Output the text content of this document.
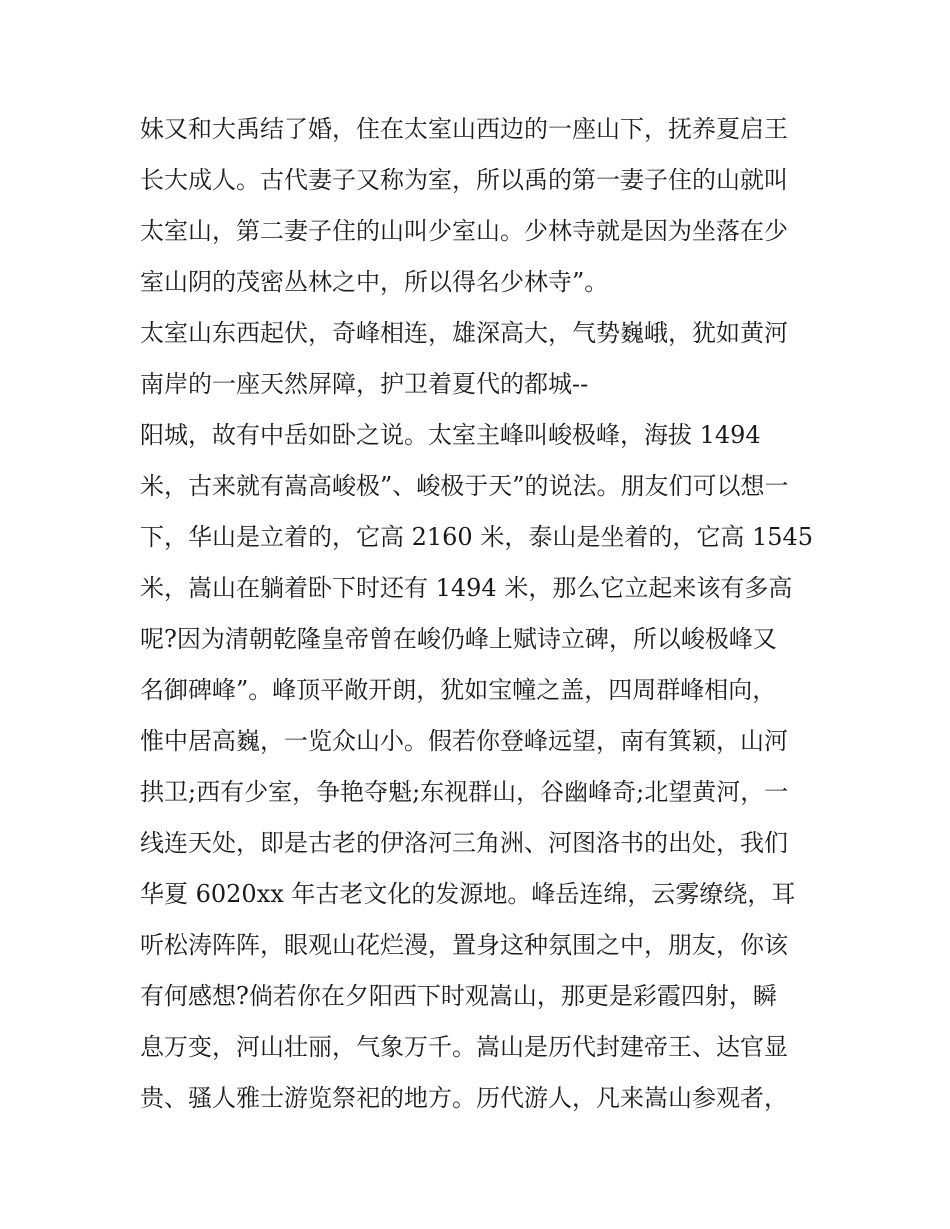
妹又和大禹结了婚，住在太室山西边的一座山下，抚养夏启王
长大成人。古代妻子又称为室，所以禹的第一妻子住的山就叫
太室山，第二妻子住的山叫少室山。少林寺就是因为坐落在少
室山阴的茂密丛林之中，所以得名少林寺”。
太室山东西起伏，奇峰相连，雄深高大，气势巍峨，犹如黄河
南岸的一座天然屏障，护卫着夏代的都城--
阳城，故有中岳如卧之说。太室主峰叫峻极峰，海拔 1494
米，古来就有嵩高峻极”、峻极于天”的说法。朋友们可以想一
下，华山是立着的，它高 2160 米，泰山是坐着的，它高 1545
米，嵩山在躺着卧下时还有 1494 米，那么它立起来该有多高
呢?因为清朝乾隆皇帝曾在峻仍峰上赋诗立碑，所以峻极峰又
名御碑峰”。峰顶平敞开朗，犹如宝幢之盖，四周群峰相向，
惟中居高巍，一览众山小。假若你登峰远望，南有箕颖，山河
拱卫;西有少室，争艳夺魁;东视群山，谷幽峰奇;北望黄河，一
线连天处，即是古老的伊洛河三角洲、河图洛书的出处，我们
华夏 6020xx 年古老文化的发源地。峰岳连绵，云雾缭绕，耳
听松涛阵阵，眼观山花烂漫，置身这种氛围之中，朋友，你该
有何感想?倘若你在夕阳西下时观嵩山，那更是彩霞四射，瞬
息万变，河山壮丽，气象万千。嵩山是历代封建帝王、达官显
贵、骚人雅士游览祭祀的地方。历代游人，凡来嵩山参观者，
